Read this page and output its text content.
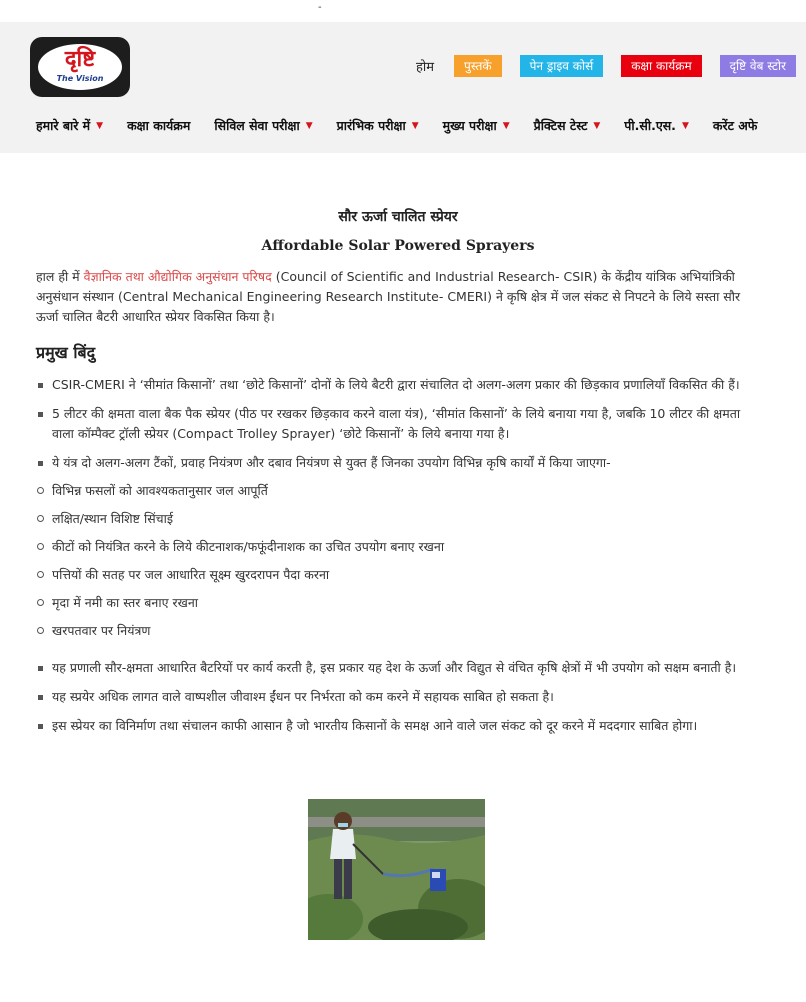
-
दृष्टि
The Vision
होम	पुस्तकें	पेन ड्राइव कोर्स	कक्षा कार्यक्रम	दृष्टि वेब स्टोर
हमारे बारे में ▼ कक्षा कार्यक्रम सिविल सेवा परीक्षा ▼ प्रारंभिक परीक्षा ▼ मुख्य परीक्षा ▼ प्रैक्टिस टेस्ट ▼ पी.सी.एस. ▼ करेंट अफे
सौर ऊर्जा चालित स्प्रेयर
Affordable Solar Powered Sprayers

हाल ही में वैज्ञानिक तथा औद्योगिक अनुसंधान परिषद (Council of Scientific and Industrial Research- CSIR) के केंद्रीय यांत्रिक अभियांत्रिकी अनुसंधान संस्थान (Central Mechanical Engineering Research Institute- CMERI) ने कृषि क्षेत्र में जल संकट से निपटने के लिये सस्ता सौर ऊर्जा चालित बैटरी आधारित स्प्रेयर विकसित किया है।

प्रमुख बिंदु
CSIR-CMERI ने ‘सीमांत किसानों’ तथा ‘छोटे किसानों’ दोनों के लिये बैटरी द्वारा संचालित दो अलग-अलग प्रकार की छिड़काव प्रणालियाँ विकसित की हैं।
5 लीटर की क्षमता वाला बैक पैक स्प्रेयर (पीठ पर रखकर छिड़काव करने वाला यंत्र), ‘सीमांत किसानों’ के लिये बनाया गया है, जबकि 10 लीटर की क्षमता वाला कॉम्पैक्ट ट्रॉली स्प्रेयर (Compact Trolley Sprayer) ‘छोटे किसानों’ के लिये बनाया गया है।
ये यंत्र दो अलग-अलग टैंकों, प्रवाह नियंत्रण और दबाव नियंत्रण से युक्त हैं जिनका उपयोग विभिन्न कृषि कार्यों में किया जाएगा-
विभिन्न फसलों को आवश्यकतानुसार जल आपूर्ति
लक्षित/स्थान विशिष्ट सिंचाई
कीटों को नियंत्रित करने के लिये कीटनाशक/फफूंदीनाशक का उचित उपयोग बनाए रखना
पत्तियों की सतह पर जल आधारित सूक्ष्म खुरदरापन पैदा करना
मृदा में नमी का स्तर बनाए रखना
खरपतवार पर नियंत्रण
यह प्रणाली सौर-क्षमता आधारित बैटरियों पर कार्य करती है, इस प्रकार यह देश के ऊर्जा और विद्युत से वंचित कृषि क्षेत्रों में भी उपयोग को सक्षम बनाती है।
यह स्प्रयेर अधिक लागत वाले वाष्पशील जीवाश्म ईंधन पर निर्भरता को कम करने में सहायक साबित हो सकता है।
इस स्प्रेयर का विनिर्माण तथा संचालन काफी आसान है जो भारतीय किसानों के समक्ष आने वाले जल संकट को दूर करने में मददगार साबित होगा।
